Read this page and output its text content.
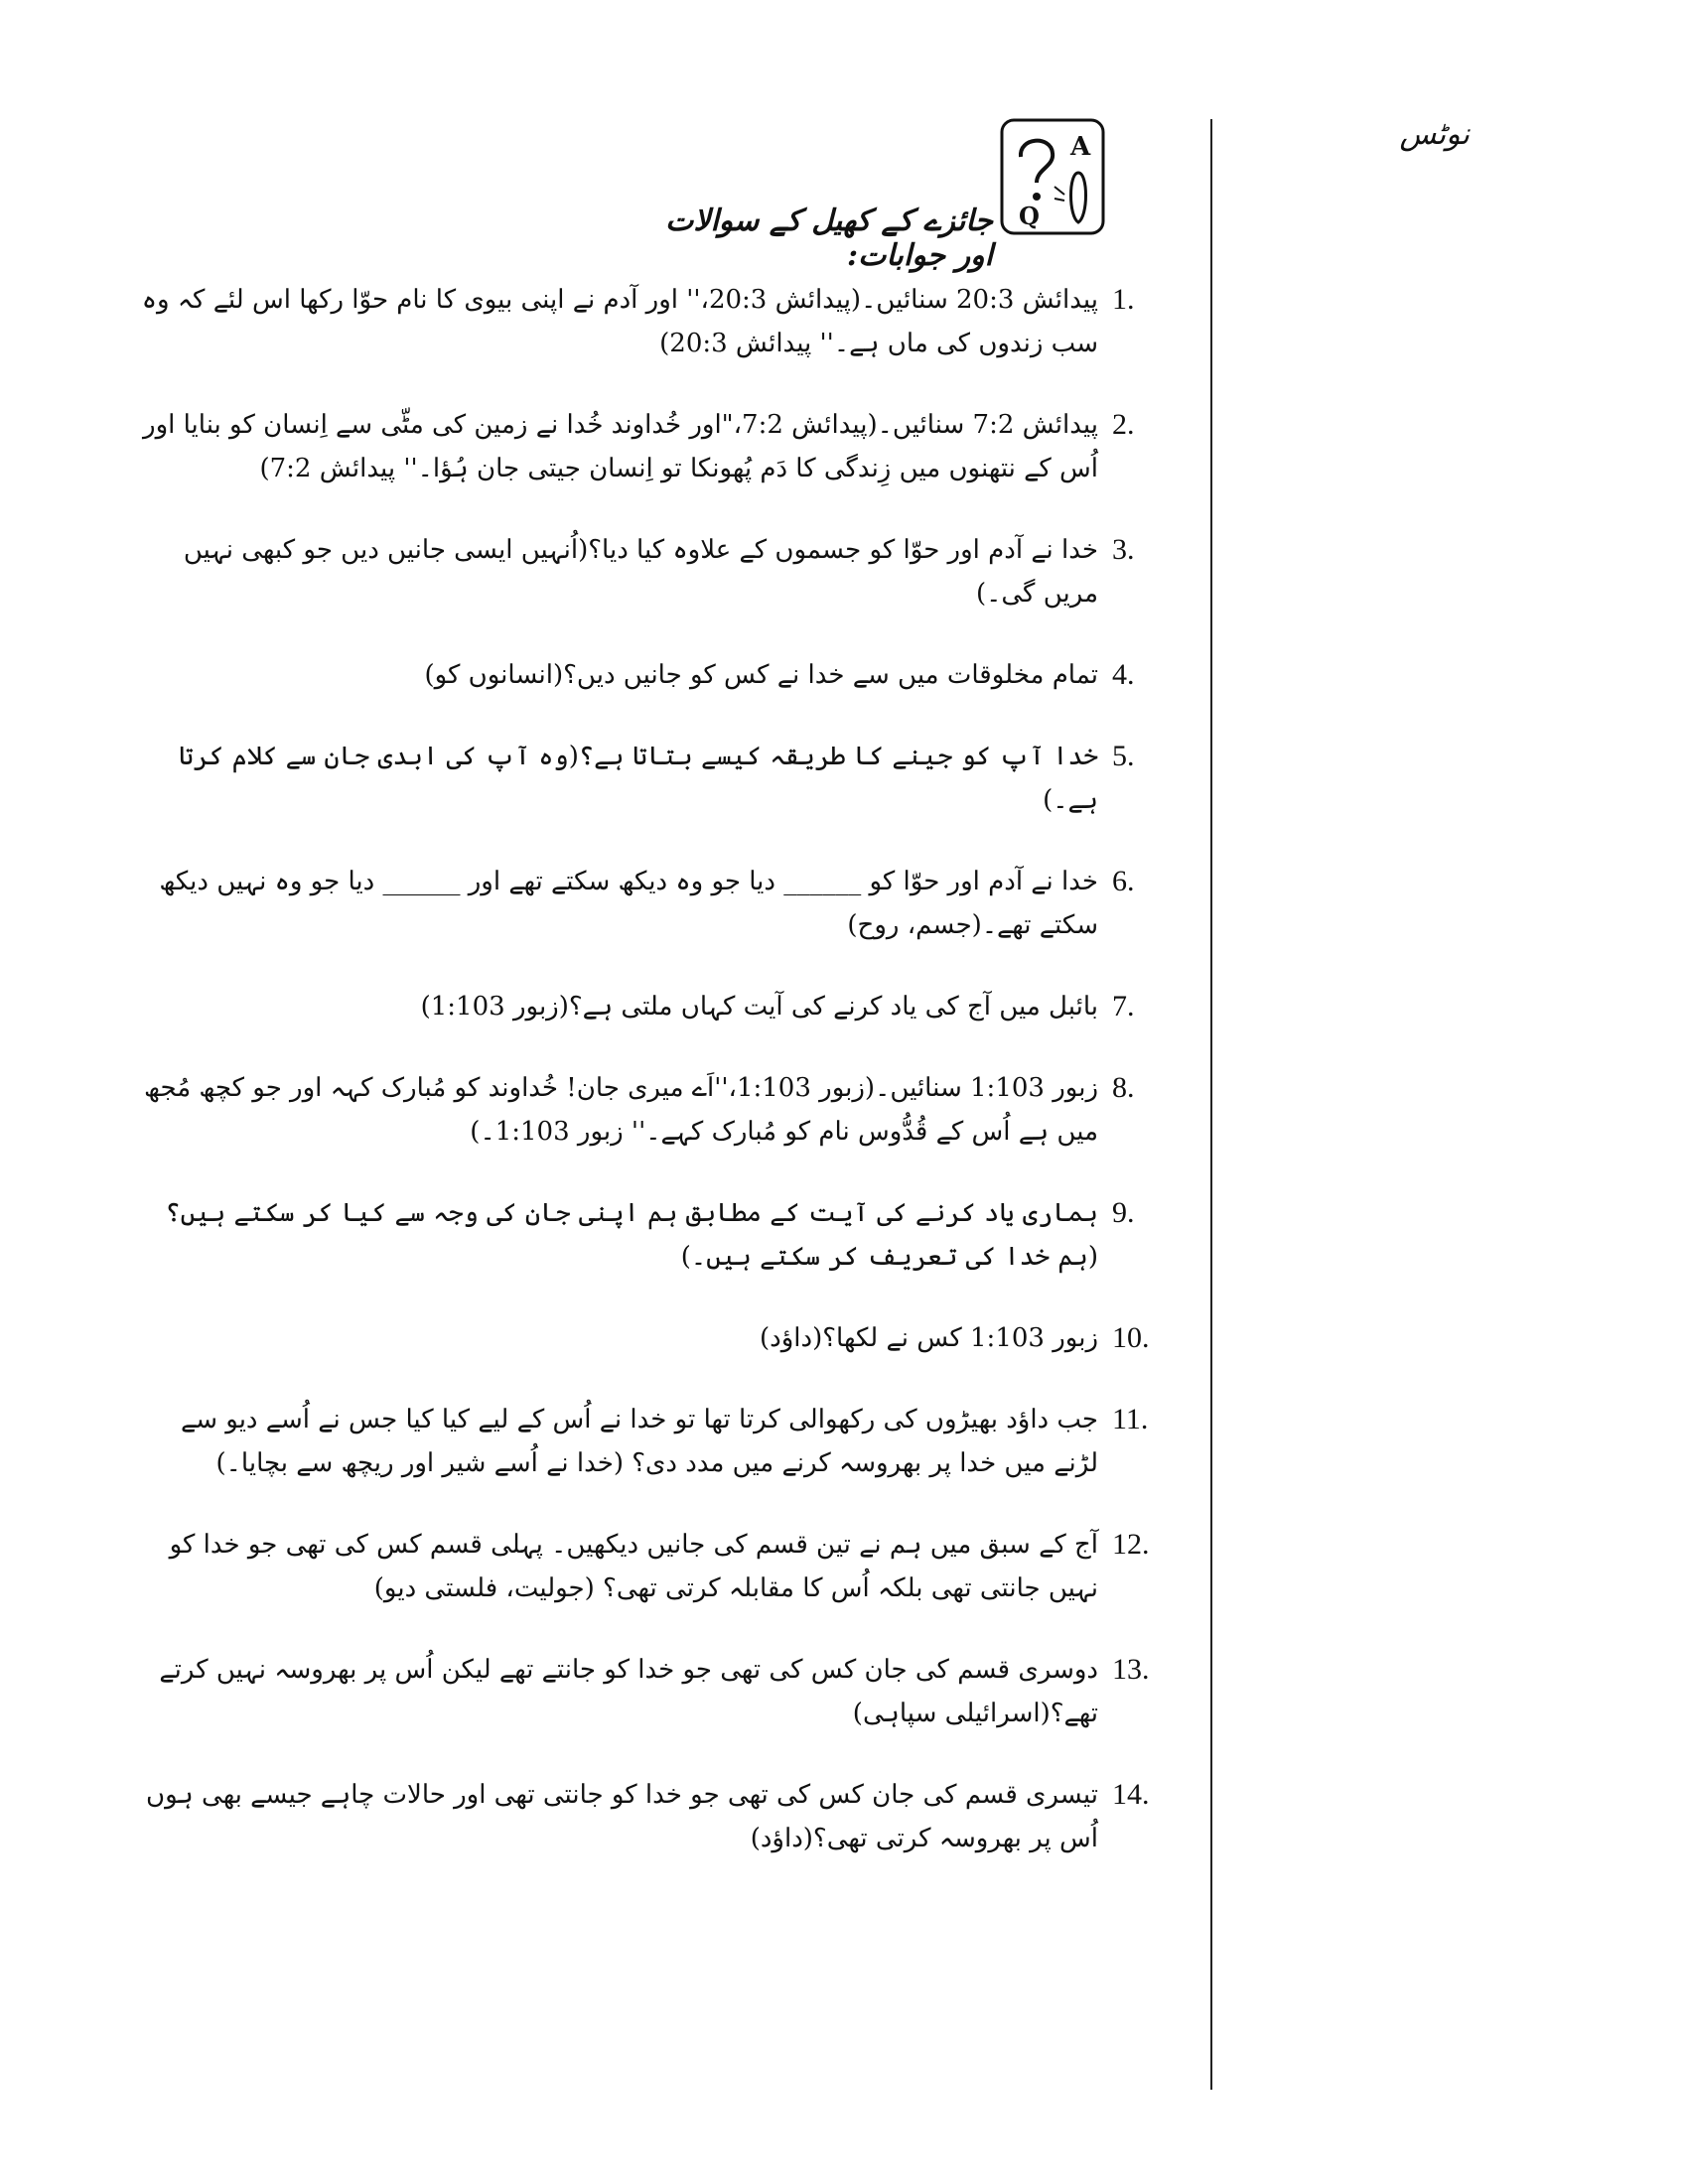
نوٹس
A
Q
جائزے کے کھیل کے سوالات اور جوابات:
1.
پیدائش 20:3 سنائیں۔(پیدائش 20:3،'' اور آدم نے اپنی بیوی کا نام حوّا رکھا اس لئے کہ وہ سب زندوں کی ماں ہے۔'' پیدائش 20:3)
2.
پیدائش 7:2 سنائیں۔(پیدائش 7:2،"اور خُداوند خُدا نے زمین کی مٹّی سے اِنسان کو بنایا اور اُس کے نتھنوں میں زِندگی کا دَم پُھونکا تو اِنسان جیتی جان ہُؤا۔'' پیدائش 7:2)
3.
خدا نے آدم اور حوّا کو جسموں کے علاوہ کیا دیا؟(اُنہیں ایسی جانیں دیں جو کبھی نہیں مریں گی۔)
4.
تمام مخلوقات میں سے خدا نے کس کو جانیں دیں؟(انسانوں کو)
5.
خدا آپ کو جینے کا طریقہ کیسے بتاتا ہے؟(وہ آپ کی ابدی جان سے کلام کرتا ہے۔)
6.
خدا نے آدم اور حوّا کو ______ دیا جو وہ دیکھ سکتے تھے اور ______ دیا جو وہ نہیں دیکھ سکتے تھے۔(جسم، روح)
7.
بائبل میں آج کی یاد کرنے کی آیت کہاں ملتی ہے؟(زبور 1:103)
8.
زبور 1:103 سنائیں۔(زبور 1:103،''اَے میری جان! خُداوند کو مُبارک کہہ اور جو کچھ مُجھ میں ہے اُس کے قُدُّوس نام کو مُبارک کہے۔'' زبور 1:103۔)
9.
ہماری یاد کرنے کی آیت کے مطابق ہم اپنی جان کی وجہ سے کیا کر سکتے ہیں؟(ہم خدا کی تعریف کر سکتے ہیں۔)
10.
زبور 1:103 کس نے لکھا؟(داؤد)
11.
جب داؤد بھیڑوں کی رکھوالی کرتا تھا تو خدا نے اُس کے لیے کیا کیا جس نے اُسے دیو سے لڑنے میں خدا پر بھروسہ کرنے میں مدد دی؟ (خدا نے اُسے شیر اور ریچھ سے بچایا۔)
12.
آج کے سبق میں ہم نے تین قسم کی جانیں دیکھیں۔ پہلی قسم کس کی تھی جو خدا کو نہیں جانتی تھی بلکہ اُس کا مقابلہ کرتی تھی؟ (جولیت، فلستی دیو)
13.
دوسری قسم کی جان کس کی تھی جو خدا کو جانتے تھے لیکن اُس پر بھروسہ نہیں کرتے تھے؟(اسرائیلی سپاہی)
14.
تیسری قسم کی جان کس کی تھی جو خدا کو جانتی تھی اور حالات چاہے جیسے بھی ہوں اُس پر بھروسہ کرتی تھی؟(داؤد)
